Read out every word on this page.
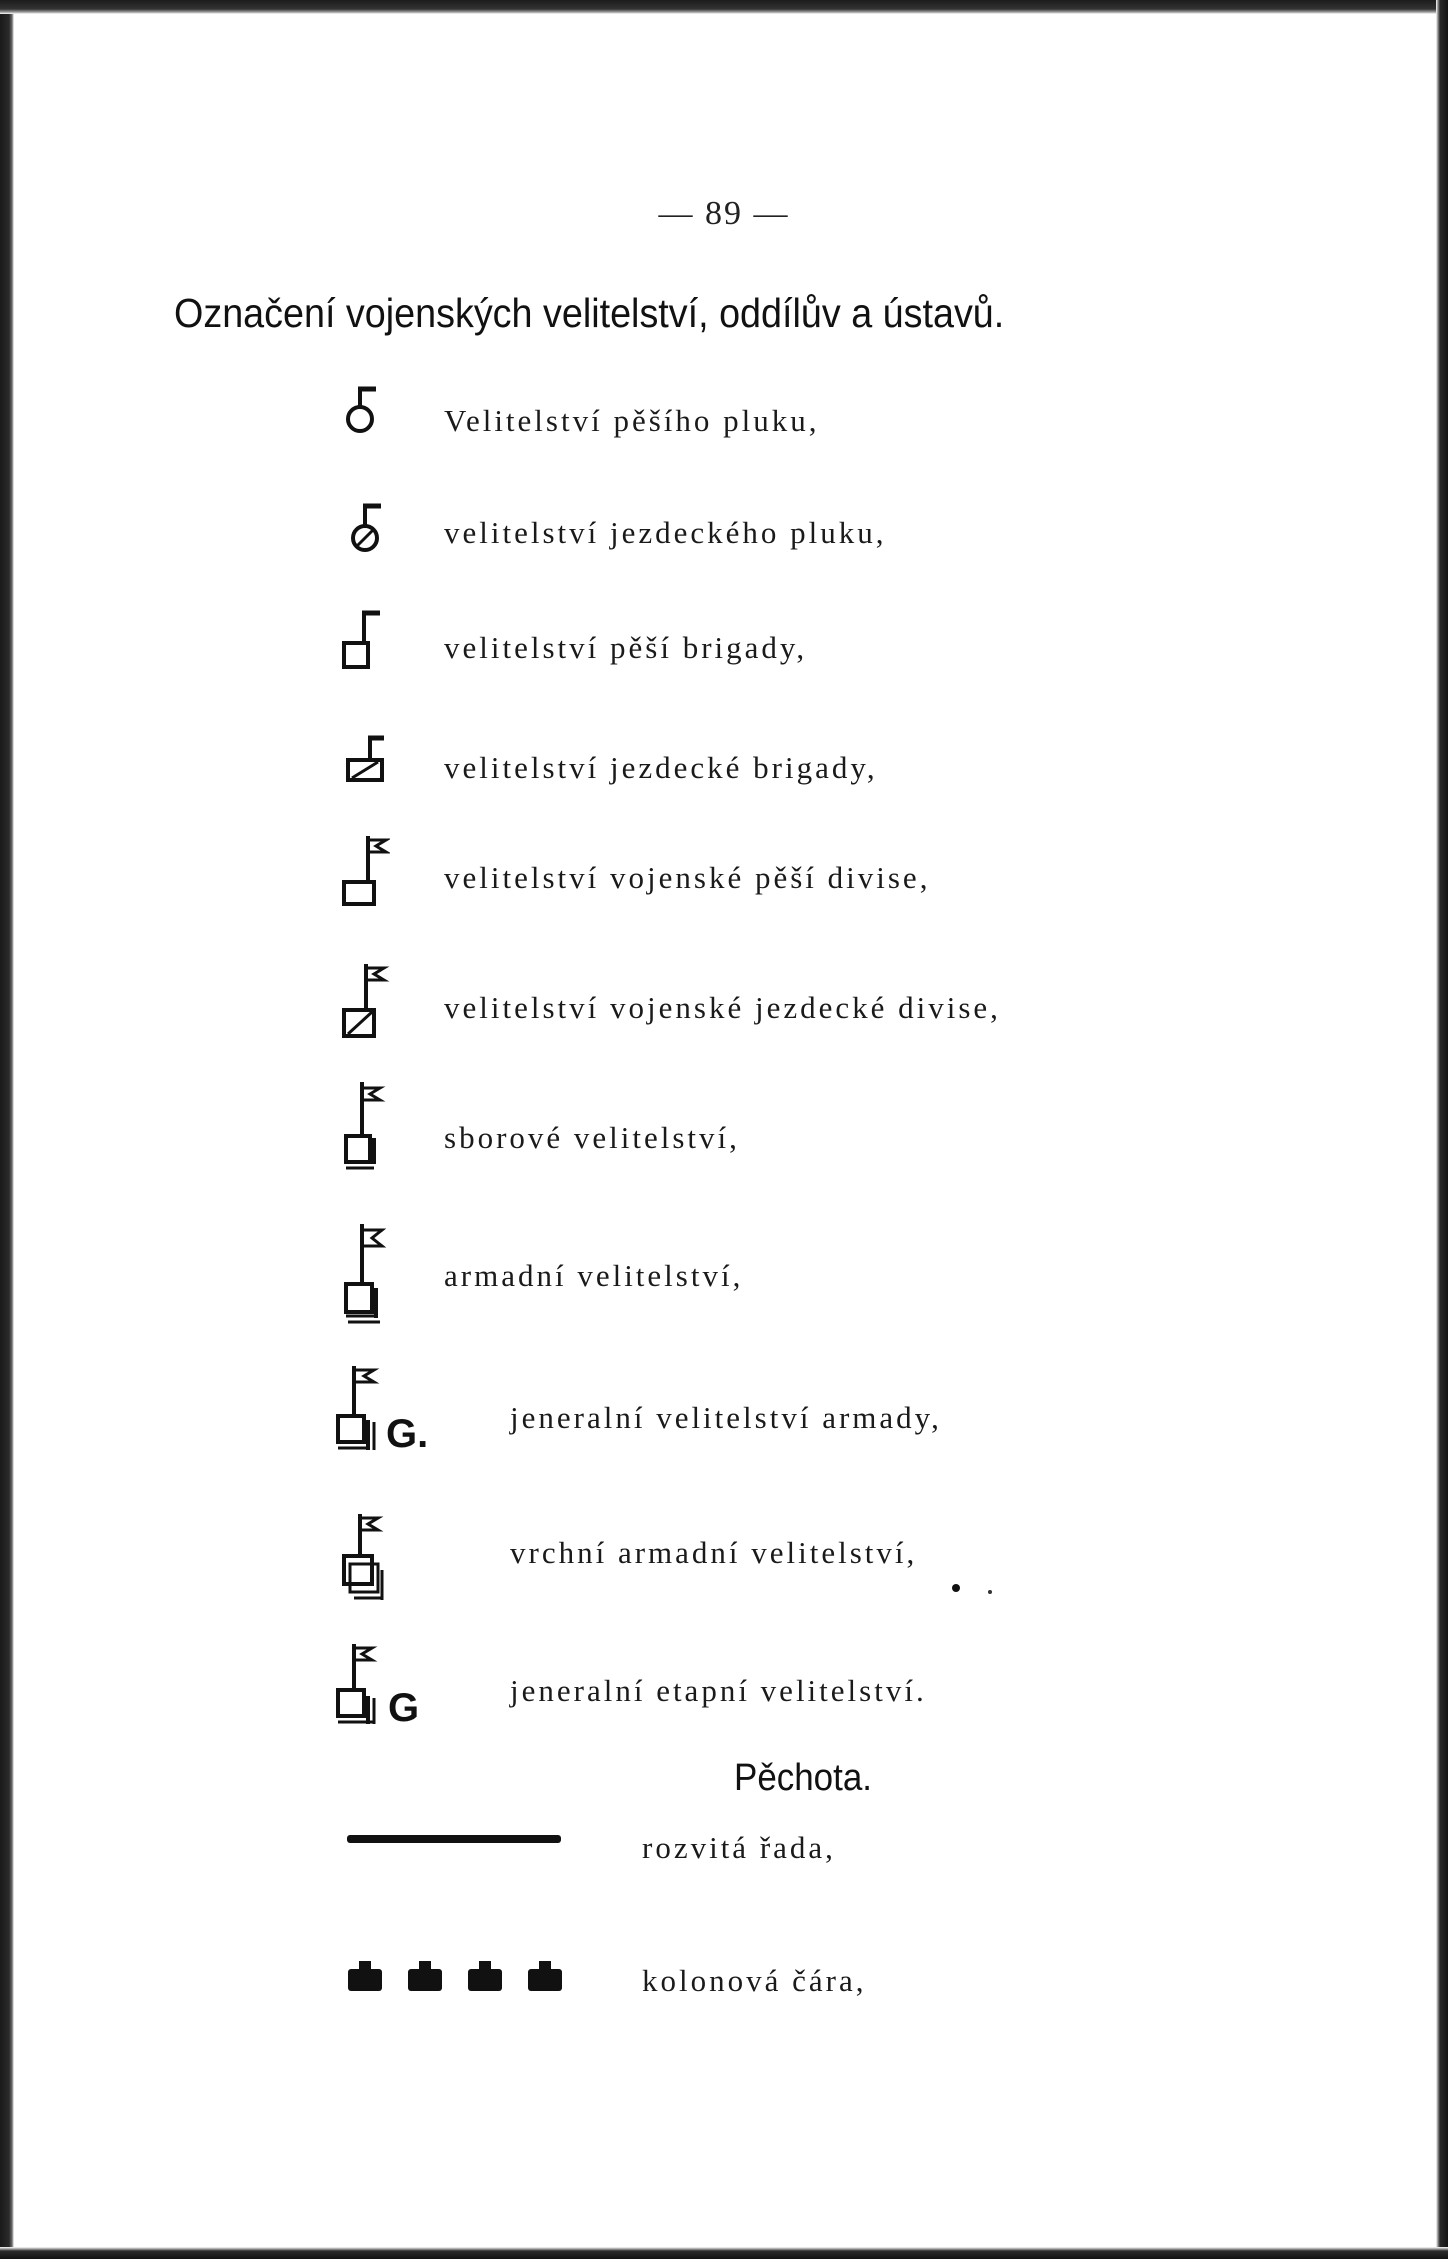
— 89 —
Označení vojenských velitelství, oddílův a ústavů.
Velitelství pěšího pluku,
velitelství jezdeckého pluku,
velitelství pěší brigady,
velitelství jezdecké brigady,
velitelství vojenské pěší divise,
velitelství vojenské jezdecké divise,
sborové velitelství,
armadní velitelství,
G.	jeneralní velitelství armady,
vrchní armadní velitelství,
G	jeneralní etapní velitelství.
Pěchota.
rozvitá řada,
kolonová čára,
